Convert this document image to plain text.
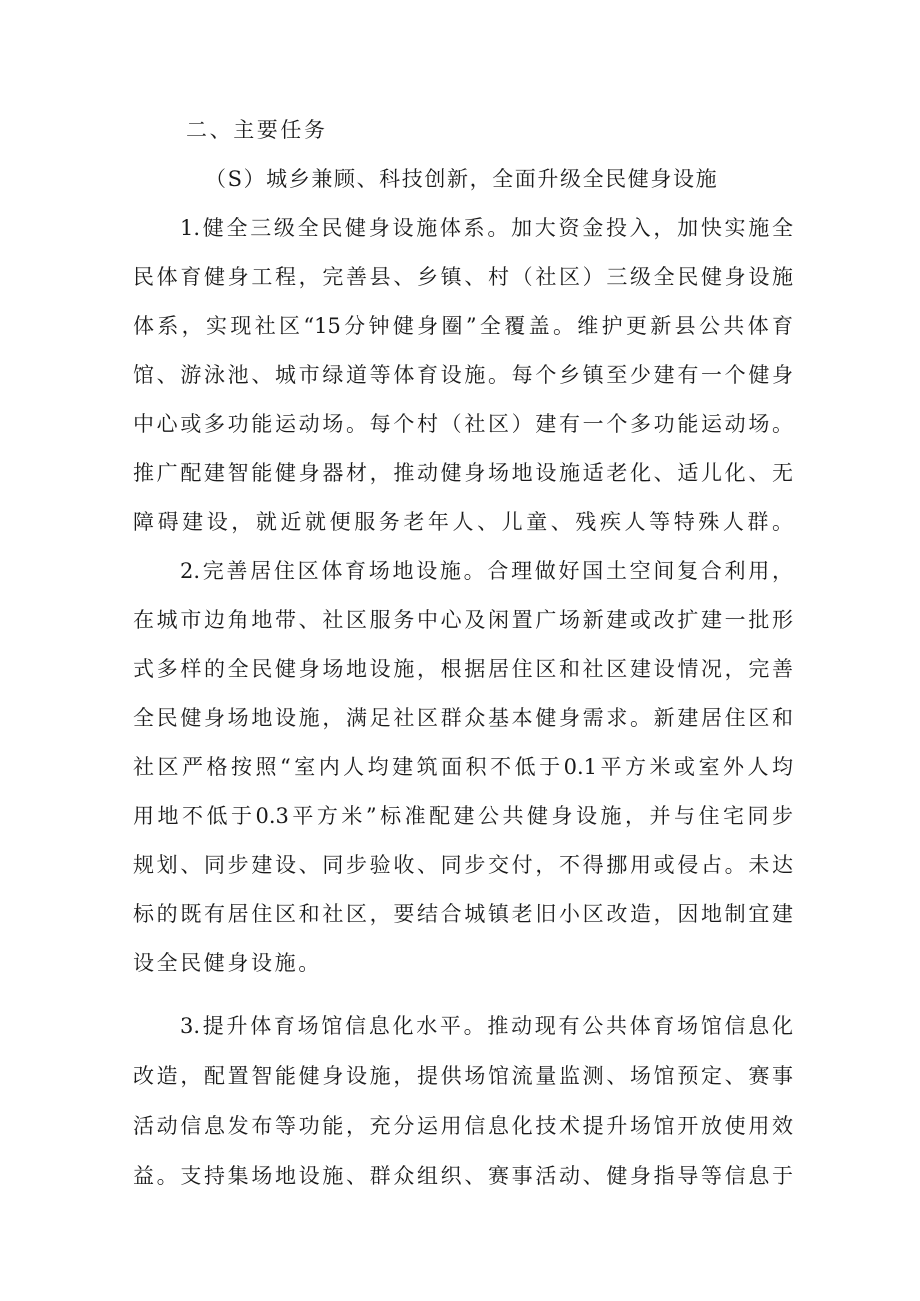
二、主要任务
（S）城乡兼顾、科技创新，全面升级全民健身设施
1.健全三级全民健身设施体系。加大资金投入，加快实施全
民体育健身工程，完善县、乡镇、村（社区）三级全民健身设施
体系，实现社区“15分钟健身圈”全覆盖。维护更新县公共体育
馆、游泳池、城市绿道等体育设施。每个乡镇至少建有一个健身
中心或多功能运动场。每个村（社区）建有一个多功能运动场。
推广配建智能健身器材，推动健身场地设施适老化、适儿化、无
障碍建设，就近就便服务老年人、儿童、残疾人等特殊人群。
2.完善居住区体育场地设施。合理做好国土空间复合利用，
在城市边角地带、社区服务中心及闲置广场新建或改扩建一批形
式多样的全民健身场地设施，根据居住区和社区建设情况，完善
全民健身场地设施，满足社区群众基本健身需求。新建居住区和
社区严格按照“室内人均建筑面积不低于0.1平方米或室外人均
用地不低于0.3平方米”标准配建公共健身设施，并与住宅同步
规划、同步建设、同步验收、同步交付，不得挪用或侵占。未达
标的既有居住区和社区，要结合城镇老旧小区改造，因地制宜建
设全民健身设施。
3.提升体育场馆信息化水平。推动现有公共体育场馆信息化
改造，配置智能健身设施，提供场馆流量监测、场馆预定、赛事
活动信息发布等功能，充分运用信息化技术提升场馆开放使用效
益。支持集场地设施、群众组织、赛事活动、健身指导等信息于
